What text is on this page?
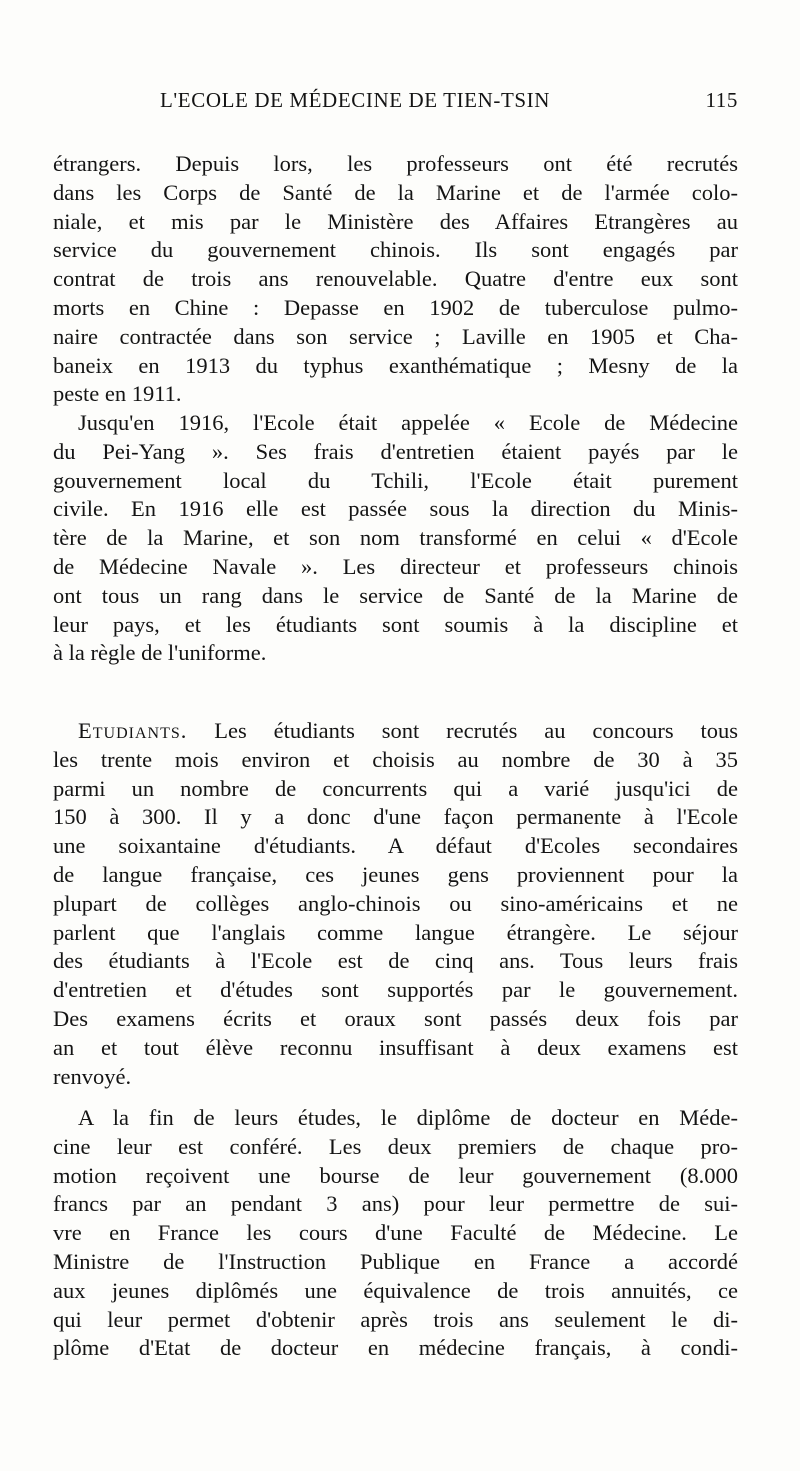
L'ECOLE DE MÉDECINE DE TIEN-TSIN	115
étrangers. Depuis lors, les professeurs ont été recrutés
dans les Corps de Santé de la Marine et de l'armée colo-
niale, et mis par le Ministère des Affaires Etrangères au
service du gouvernement chinois. Ils sont engagés par
contrat de trois ans renouvelable. Quatre d'entre eux sont
morts en Chine : Depasse en 1902 de tuberculose pulmo-
naire contractée dans son service ; Laville en 1905 et Cha-
baneix en 1913 du typhus exanthématique ; Mesny de la
peste en 1911.
Jusqu'en 1916, l'Ecole était appelée « Ecole de Médecine
du Pei-Yang ». Ses frais d'entretien étaient payés par le
gouvernement local du Tchili, l'Ecole était purement
civile. En 1916 elle est passée sous la direction du Minis-
tère de la Marine, et son nom transformé en celui « d'Ecole
de Médecine Navale ». Les directeur et professeurs chinois
ont tous un rang dans le service de Santé de la Marine de
leur pays, et les étudiants sont soumis à la discipline et
à la règle de l'uniforme.
Etudiants. Les étudiants sont recrutés au concours tous
les trente mois environ et choisis au nombre de 30 à 35
parmi un nombre de concurrents qui a varié jusqu'ici de
150 à 300. Il y a donc d'une façon permanente à l'Ecole
une soixantaine d'étudiants. A défaut d'Ecoles secondaires
de langue française, ces jeunes gens proviennent pour la
plupart de collèges anglo-chinois ou sino-américains et ne
parlent que l'anglais comme langue étrangère. Le séjour
des étudiants à l'Ecole est de cinq ans. Tous leurs frais
d'entretien et d'études sont supportés par le gouvernement.
Des examens écrits et oraux sont passés deux fois par
an et tout élève reconnu insuffisant à deux examens est
renvoyé.
A la fin de leurs études, le diplôme de docteur en Méde-
cine leur est conféré. Les deux premiers de chaque pro-
motion reçoivent une bourse de leur gouvernement (8.000
francs par an pendant 3 ans) pour leur permettre de sui-
vre en France les cours d'une Faculté de Médecine. Le
Ministre de l'Instruction Publique en France a accordé
aux jeunes diplômés une équivalence de trois annuités, ce
qui leur permet d'obtenir après trois ans seulement le di-
plôme d'Etat de docteur en médecine français, à condi-
